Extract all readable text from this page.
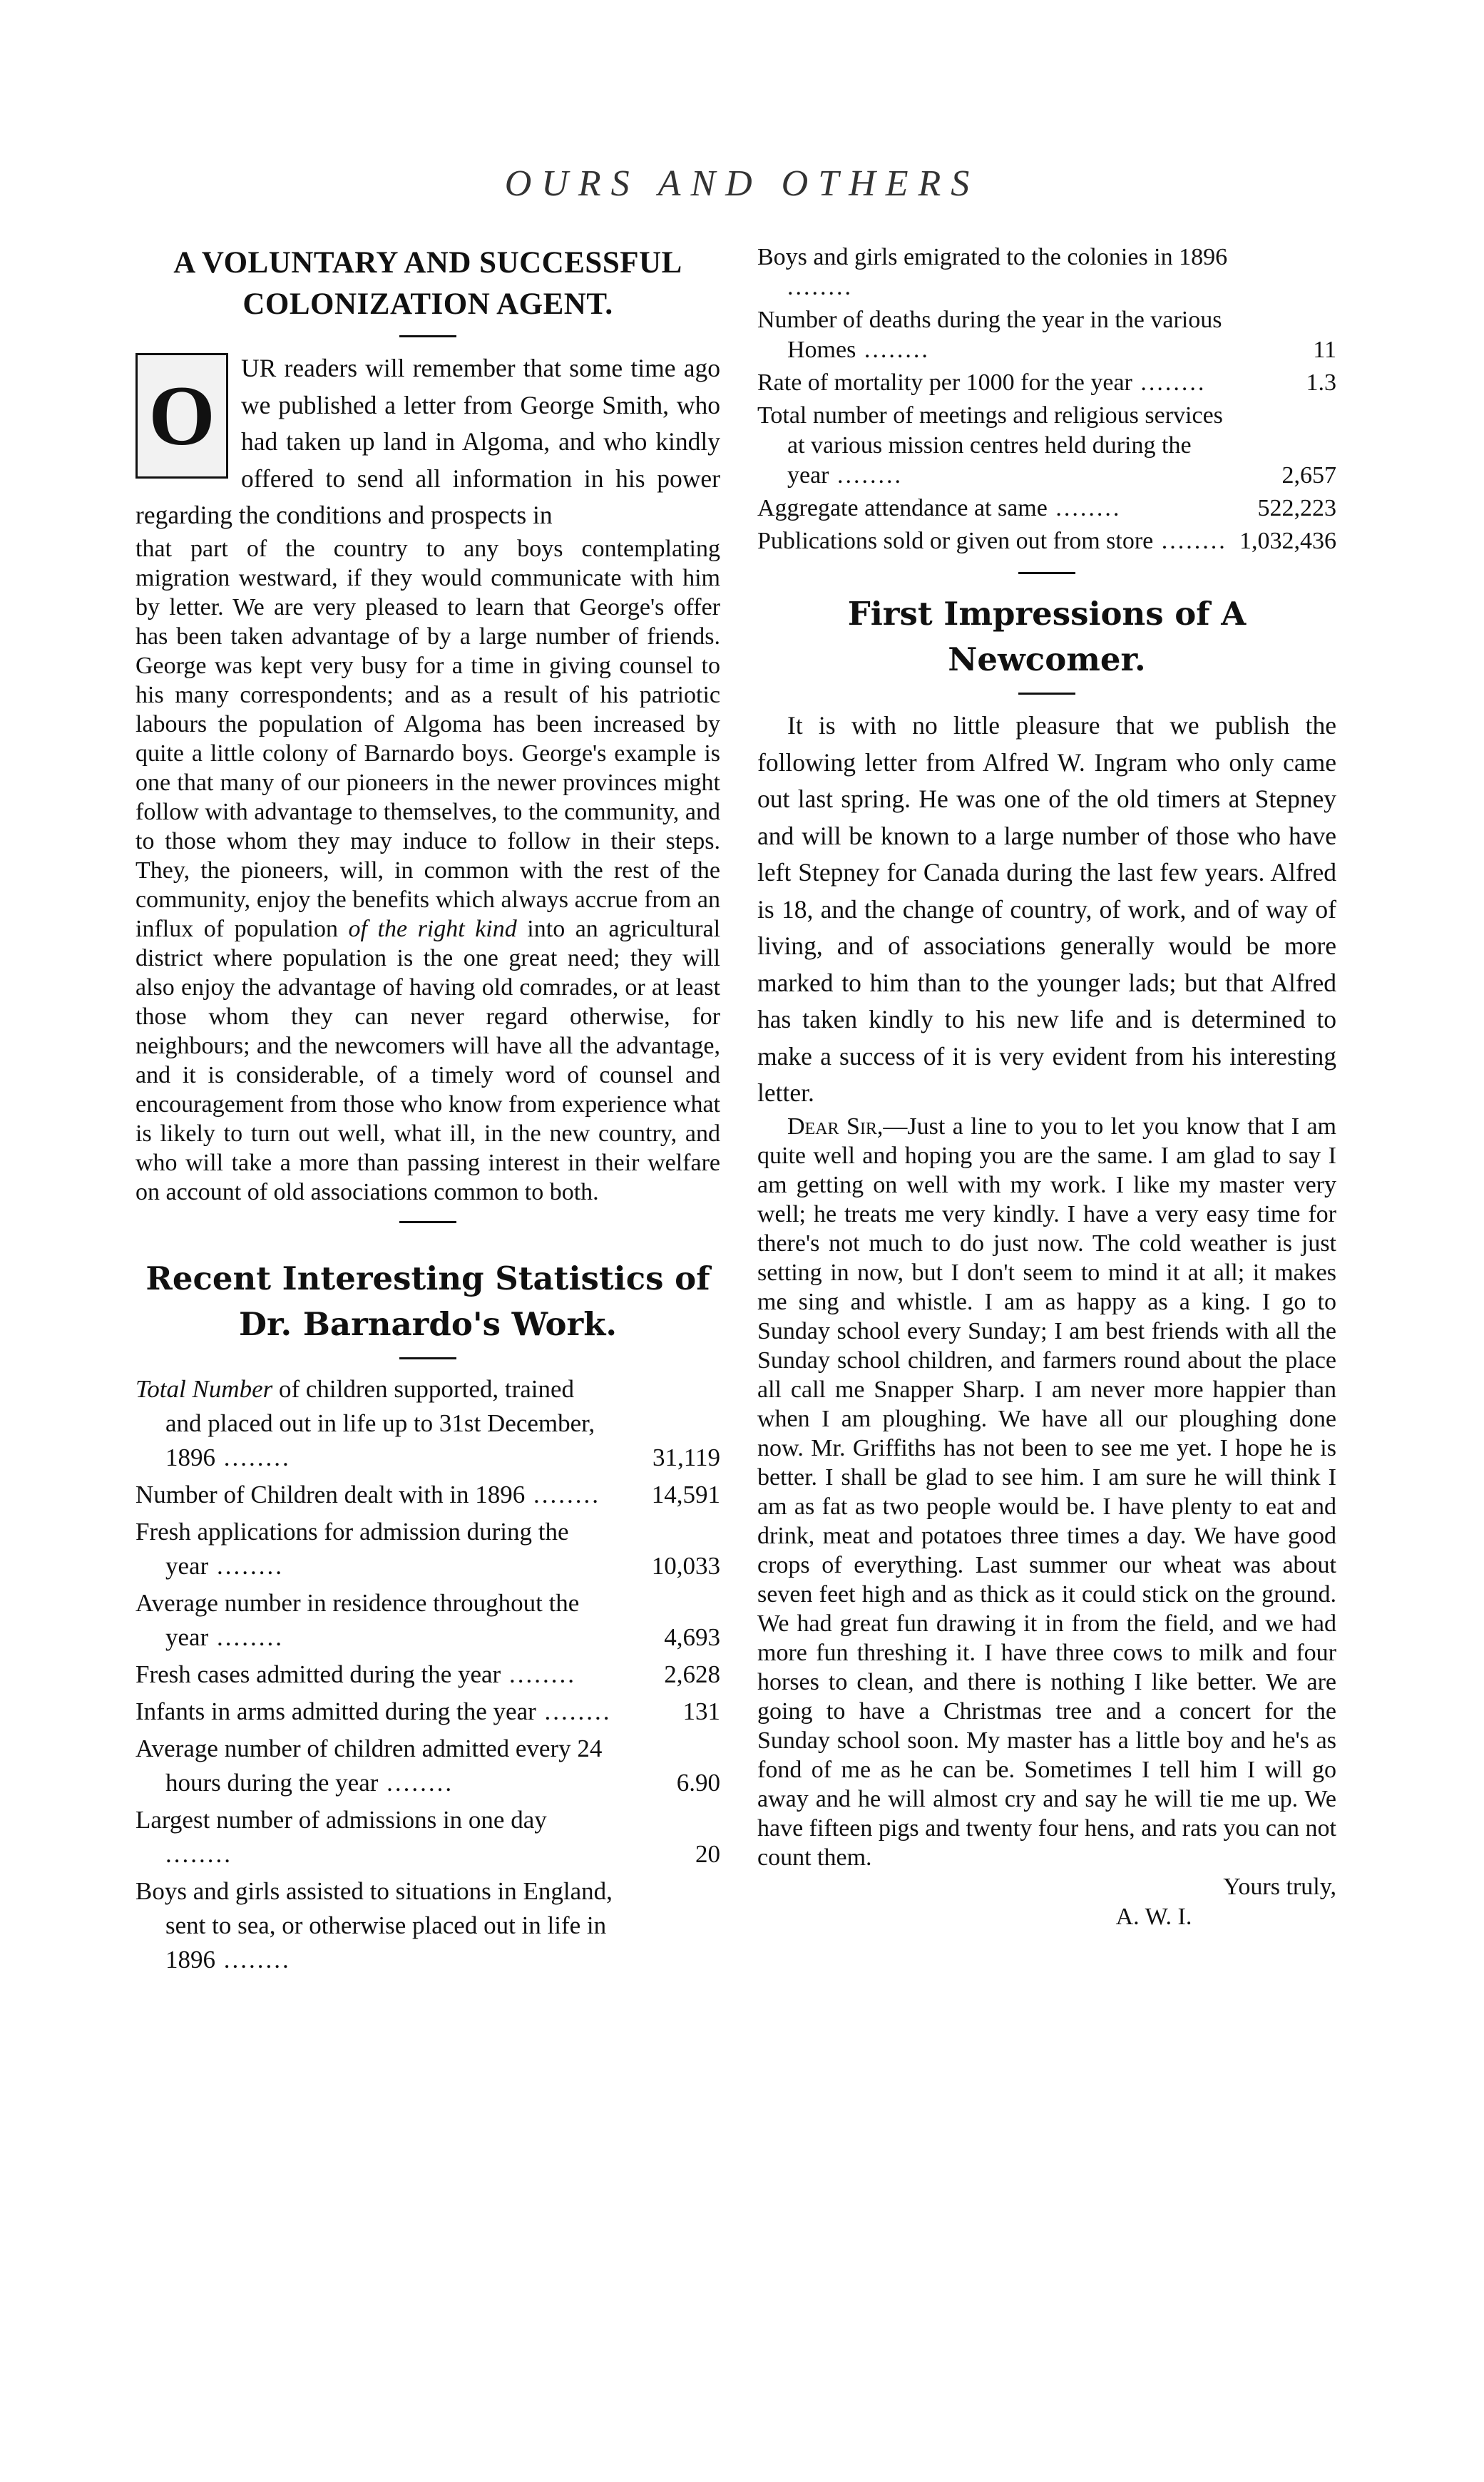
OURS AND OTHERS
A VOLUNTARY AND SUCCESSFUL COLONIZATION AGENT.
O	UR readers will remember that some time ago we published a letter from George Smith, who had taken up land in Algoma, and who kindly offered to send all information in his power regarding the conditions and prospects in

that part of the country to any boys contemplating migration westward, if they would communicate with him by letter. We are very pleased to learn that George's offer has been taken advantage of by a large number of friends. George was kept very busy for a time in giving counsel to his many correspondents; and as a result of his patriotic labours the population of Algoma has been increased by quite a little colony of Barnardo boys. George's example is one that many of our pioneers in the newer provinces might follow with advantage to themselves, to the community, and to those whom they may induce to follow in their steps. They, the pioneers, will, in common with the rest of the community, enjoy the benefits which always accrue from an influx of population of the right kind into an agricultural district where population is the one great need; they will also enjoy the advantage of having old comrades, or at least those whom they can never regard otherwise, for neighbours; and the newcomers will have all the advantage, and it is considerable, of a timely word of counsel and encouragement from those who know from experience what is likely to turn out well, what ill, in the new country, and who will take a more than passing interest in their welfare on account of old associations common to both.

Recent Interesting Statistics of Dr. Barnardo's Work.
Total Number of children supported, trained and placed out in life up to 31st December, 1896 ........	31,119
Number of Children dealt with in 1896 ........	14,591
Fresh applications for admission during the year ........	10,033
Average number in residence throughout the year ........	4,693
Fresh cases admitted during the year ........	2,628
Infants in arms admitted during the year ........	131
Average number of children admitted every 24 hours during the year ........	6.90
Largest number of admissions in one day ........	20
Boys and girls assisted to situations in England, sent to sea, or otherwise placed out in life in 1896 ........
Boys and girls emigrated to the colonies in 1896 ........
Number of deaths during the year in the various Homes ........	11
Rate of mortality per 1000 for the year ........	1.3
Total number of meetings and religious services at various mission centres held during the year ........	2,657
Aggregate attendance at same ........	522,223
Publications sold or given out from store ........ 1,032,436
First Impressions of A Newcomer.

It is with no little pleasure that we publish the following letter from Alfred W. Ingram who only came out last spring. He was one of the old timers at Stepney and will be known to a large number of those who have left Stepney for Canada during the last few years. Alfred is 18, and the change of country, of work, and of way of living, and of associations generally would be more marked to him than to the younger lads; but that Alfred has taken kindly to his new life and is determined to make a success of it is very evident from his interesting letter.

Dear Sir,—Just a line to you to let you know that I am quite well and hoping you are the same. I am glad to say I am getting on well with my work. I like my master very well; he treats me very kindly. I have a very easy time for there's not much to do just now. The cold weather is just setting in now, but I don't seem to mind it at all; it makes me sing and whistle. I am as happy as a king. I go to Sunday school every Sunday; I am best friends with all the Sunday school children, and farmers round about the place all call me Snapper Sharp. I am never more happier than when I am ploughing. We have all our ploughing done now. Mr. Griffiths has not been to see me yet. I hope he is better. I shall be glad to see him. I am sure he will think I am as fat as two people would be. I have plenty to eat and drink, meat and potatoes three times a day. We have good crops of everything. Last summer our wheat was about seven feet high and as thick as it could stick on the ground. We had great fun drawing it in from the field, and we had more fun threshing it. I have three cows to milk and four horses to clean, and there is nothing I like better. We are going to have a Christmas tree and a concert for the Sunday school soon. My master has a little boy and he's as fond of me as he can be. Sometimes I tell him I will go away and he will almost cry and say he will tie me up. We have fifteen pigs and twenty four hens, and rats you can not count them.

Yours truly,
A. W. I.
